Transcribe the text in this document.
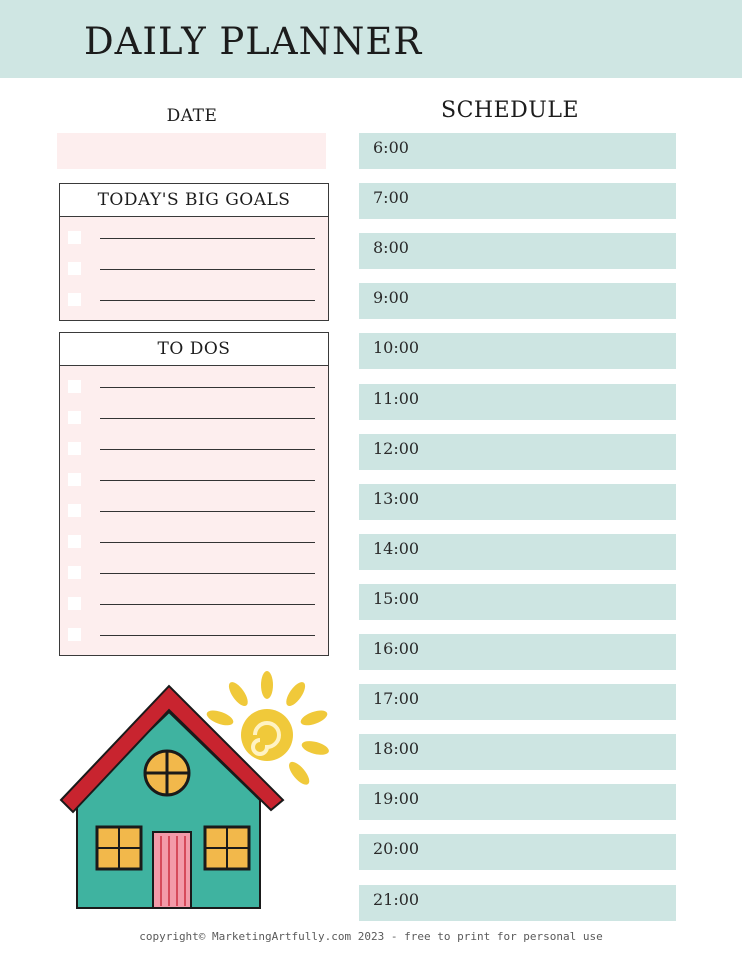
DAILY PLANNER
DATE
TODAY'S BIG GOALS
TO DOS
SCHEDULE
6:00
7:00
8:00
9:00
10:00
11:00
12:00
13:00
14:00
15:00
16:00
17:00
18:00
19:00
20:00
21:00
copyright© MarketingArtfully.com 2023 - free to print for personal use
